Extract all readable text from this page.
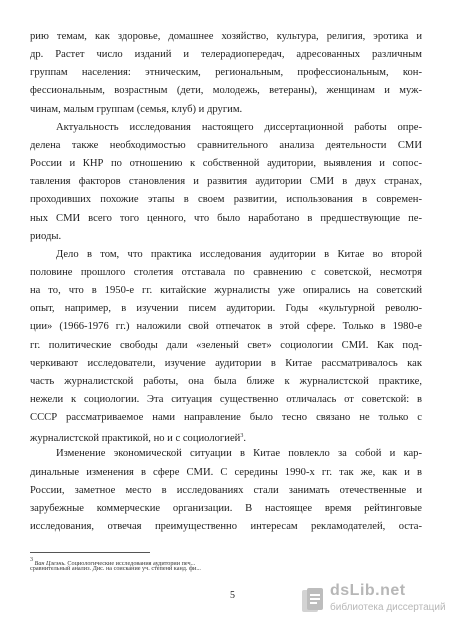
рию темам, как здоровье, домашнее хозяйство, культура, религия, эротика и
др. Растет число изданий и телерадиопередач, адресованных различным
группам населения: этническим, региональным, профессиональным, кон-
фессиональным, возрастным (дети, молодежь, ветераны), женщинам и муж-
чинам, малым группам (семья, клуб) и другим.
Актуальность исследования настоящего диссертационной работы опре-
делена также необходимостью сравнительного анализа деятельности СМИ
России и КНР по отношению к собственной аудитории, выявления и сопос-
тавления факторов становления и развития аудитории СМИ в двух странах,
проходивших похожие этапы в своем развитии, использования в современ-
ных СМИ всего того ценного, что было наработано в предшествующие пе-
риоды.
Дело в том, что практика исследования аудитории в Китае во второй
половине прошлого столетия отставала по сравнению с советской, несмотря
на то, что в 1950-е гг. китайские журналисты уже опирались на советский
опыт, например, в изучении писем аудитории. Годы «культурной револю-
ции» (1966-1976 гг.) наложили свой отпечаток в этой сфере. Только в 1980-е
гг. политические свободы дали «зеленый свет» социологии СМИ. Как под-
черкивают исследователи, изучение аудитории в Китае рассматривалось как
часть журналистской работы, она была ближе к журналистской практике,
нежели к социологии. Эта ситуация существенно отличалась от советской: в
СССР рассматриваемое нами направление было тесно связано не только с
журналистской практикой, но и с социологией$^3$.
Изменение экономической ситуации в Китае повлекло за собой и кар-
динальные изменения в сфере СМИ. С середины 1990-х гг. так же, как и в
$^3$ Ван Цзеэнь. Социологические исследования аудитории печ...
сравнительный анализ. Дис. на соискание уч. степени канд. фи...
5	dsLib.net
библиотека диссертаций
России, заметное место в исследованиях стали занимать отечественные и
зарубежные коммерческие организации. В настоящее время рейтинговые
исследования, отвечая преимущественно интересам рекламодателей, оста-
